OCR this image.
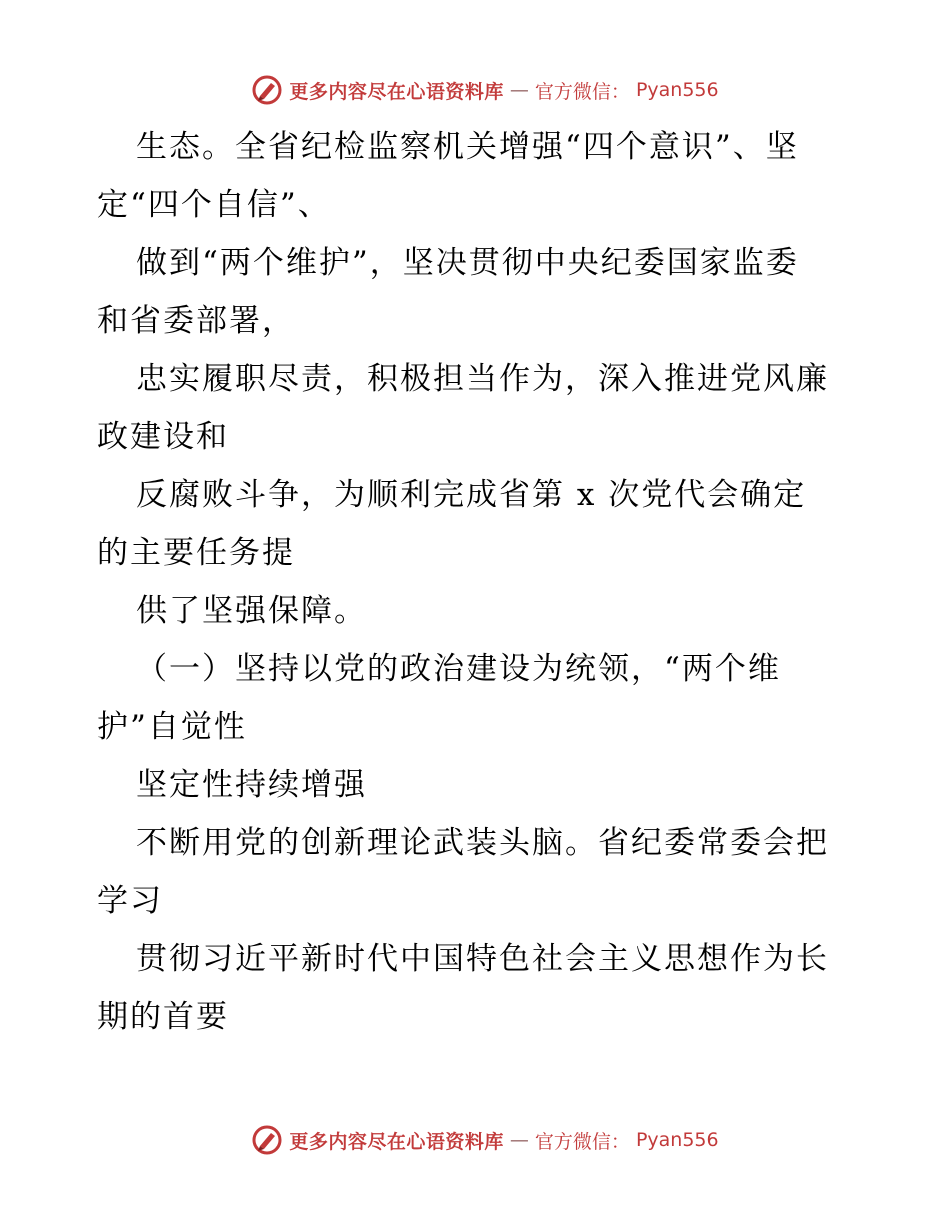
更多内容尽在心语资料库 — 官方微信： Pyan556
生态。全省纪检监察机关增强“四个意识”、坚
定“四个自信”、
做到“两个维护”，坚决贯彻中央纪委国家监委
和省委部署，
忠实履职尽责，积极担当作为，深入推进党风廉
政建设和
反腐败斗争，为顺利完成省第 x 次党代会确定
的主要任务提
供了坚强保障。
（一）坚持以党的政治建设为统领，“两个维
护”自觉性
坚定性持续增强
不断用党的创新理论武装头脑。省纪委常委会把
学习
贯彻习近平新时代中国特色社会主义思想作为长
期的首要
更多内容尽在心语资料库 — 官方微信： Pyan556
